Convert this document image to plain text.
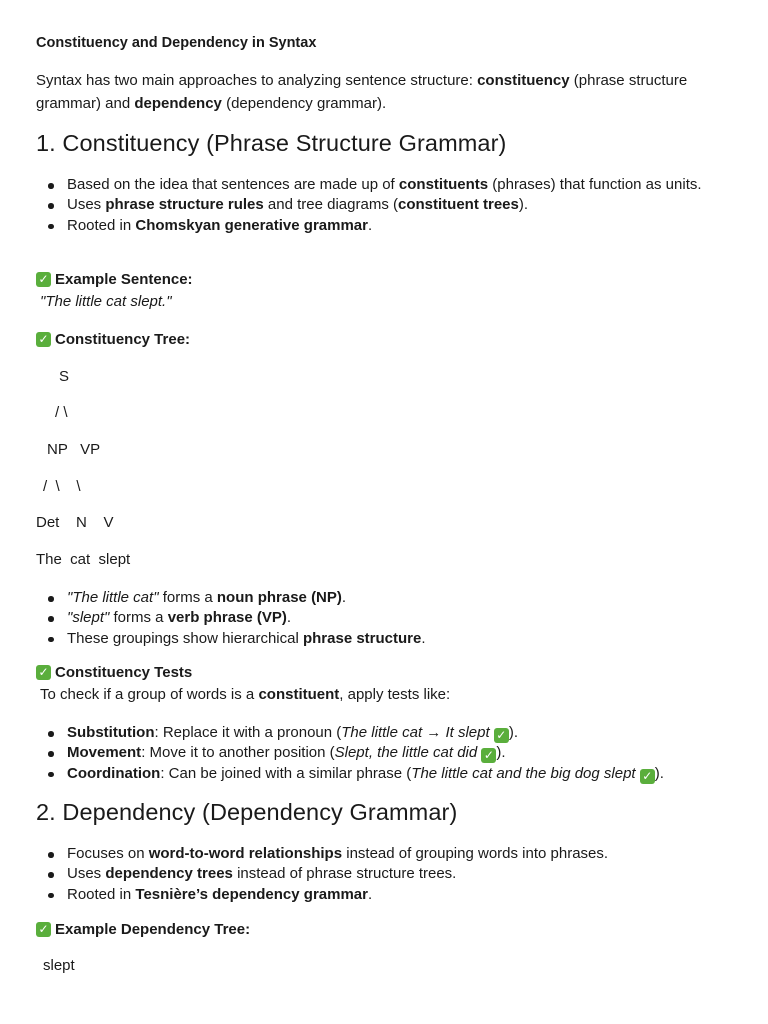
Constituency and Dependency in Syntax
Syntax has two main approaches to analyzing sentence structure: constituency (phrase structure grammar) and dependency (dependency grammar).
1. Constituency (Phrase Structure Grammar)
Based on the idea that sentences are made up of constituents (phrases) that function as units.
Uses phrase structure rules and tree diagrams (constituent trees).
Rooted in Chomskyan generative grammar.
✓ Example Sentence:
"The little cat slept."
✓ Constituency Tree:
S
/ \
NP   VP
/  \    \
Det    N    V
The  cat  slept
"The little cat" forms a noun phrase (NP).
"slept" forms a verb phrase (VP).
These groupings show hierarchical phrase structure.
✓ Constituency Tests
To check if a group of words is a constituent, apply tests like:
Substitution: Replace it with a pronoun (The little cat → It slept ✓ ).
Movement: Move it to another position (Slept, the little cat did ✓ ).
Coordination: Can be joined with a similar phrase (The little cat and the big dog slept ✓ ).
2. Dependency (Dependency Grammar)
Focuses on word-to-word relationships instead of grouping words into phrases.
Uses dependency trees instead of phrase structure trees.
Rooted in Tesnière’s dependency grammar.
✓ Example Dependency Tree:
slept
